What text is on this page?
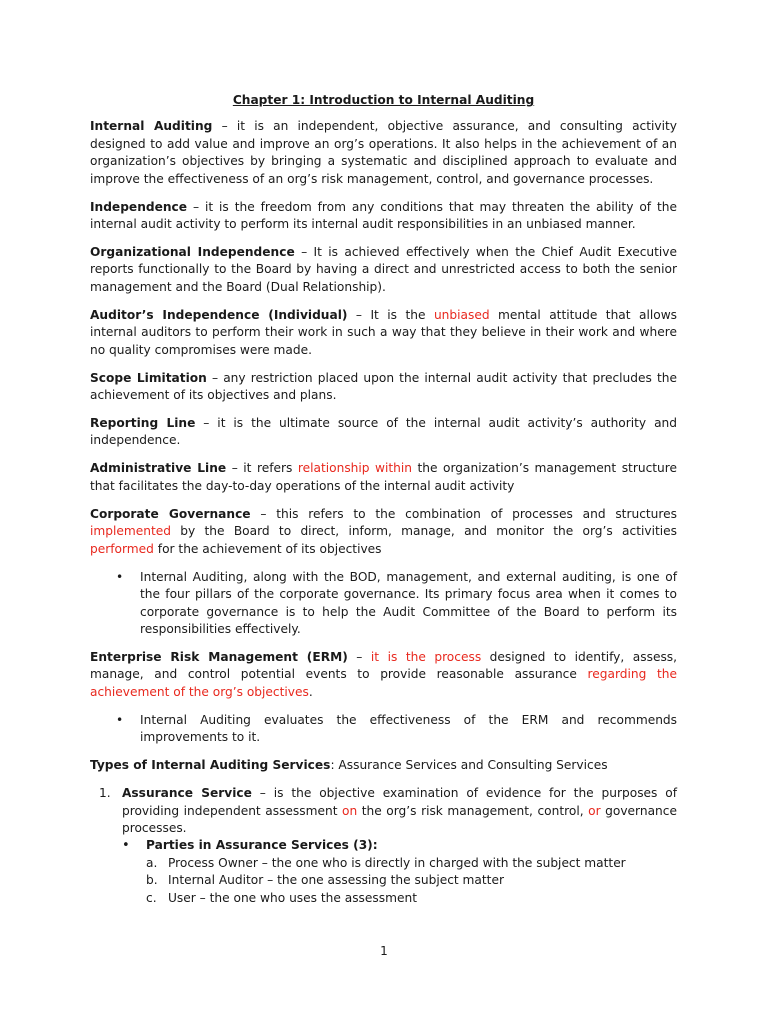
Chapter 1: Introduction to Internal Auditing

Internal Auditing – it is an independent, objective assurance, and consulting activity designed to add value and improve an org’s operations. It also helps in the achievement of an organization’s objectives by bringing a systematic and disciplined approach to evaluate and improve the effectiveness of an org’s risk management, control, and governance processes.

Independence – it is the freedom from any conditions that may threaten the ability of the internal audit activity to perform its internal audit responsibilities in an unbiased manner.

Organizational Independence – It is achieved effectively when the Chief Audit Executive reports functionally to the Board by having a direct and unrestricted access to both the senior management and the Board (Dual Relationship).

Auditor’s Independence (Individual) – It is the unbiased mental attitude that allows internal auditors to perform their work in such a way that they believe in their work and where no quality compromises were made.

Scope Limitation – any restriction placed upon the internal audit activity that precludes the achievement of its objectives and plans.

Reporting Line – it is the ultimate source of the internal audit activity’s authority and independence.

Administrative Line – it refers relationship within the organization’s management structure that facilitates the day-to-day operations of the internal audit activity

Corporate Governance – this refers to the combination of processes and structures implemented by the Board to direct, inform, manage, and monitor the org’s activities performed for the achievement of its objectives

• Internal Auditing, along with the BOD, management, and external auditing, is one of the four pillars of the corporate governance. Its primary focus area when it comes to corporate governance is to help the Audit Committee of the Board to perform its responsibilities effectively.

Enterprise Risk Management (ERM) – it is the process designed to identify, assess, manage, and control potential events to provide reasonable assurance regarding the achievement of the org’s objectives.

• Internal Auditing evaluates the effectiveness of the ERM and recommends improvements to it.

Types of Internal Auditing Services: Assurance Services and Consulting Services

1. Assurance Service – is the objective examination of evidence for the purposes of providing independent assessment on the org’s risk management, control, or governance processes.
• Parties in Assurance Services (3):
a. Process Owner – the one who is directly in charged with the subject matter
b. Internal Auditor – the one assessing the subject matter
c. User – the one who uses the assessment
1
